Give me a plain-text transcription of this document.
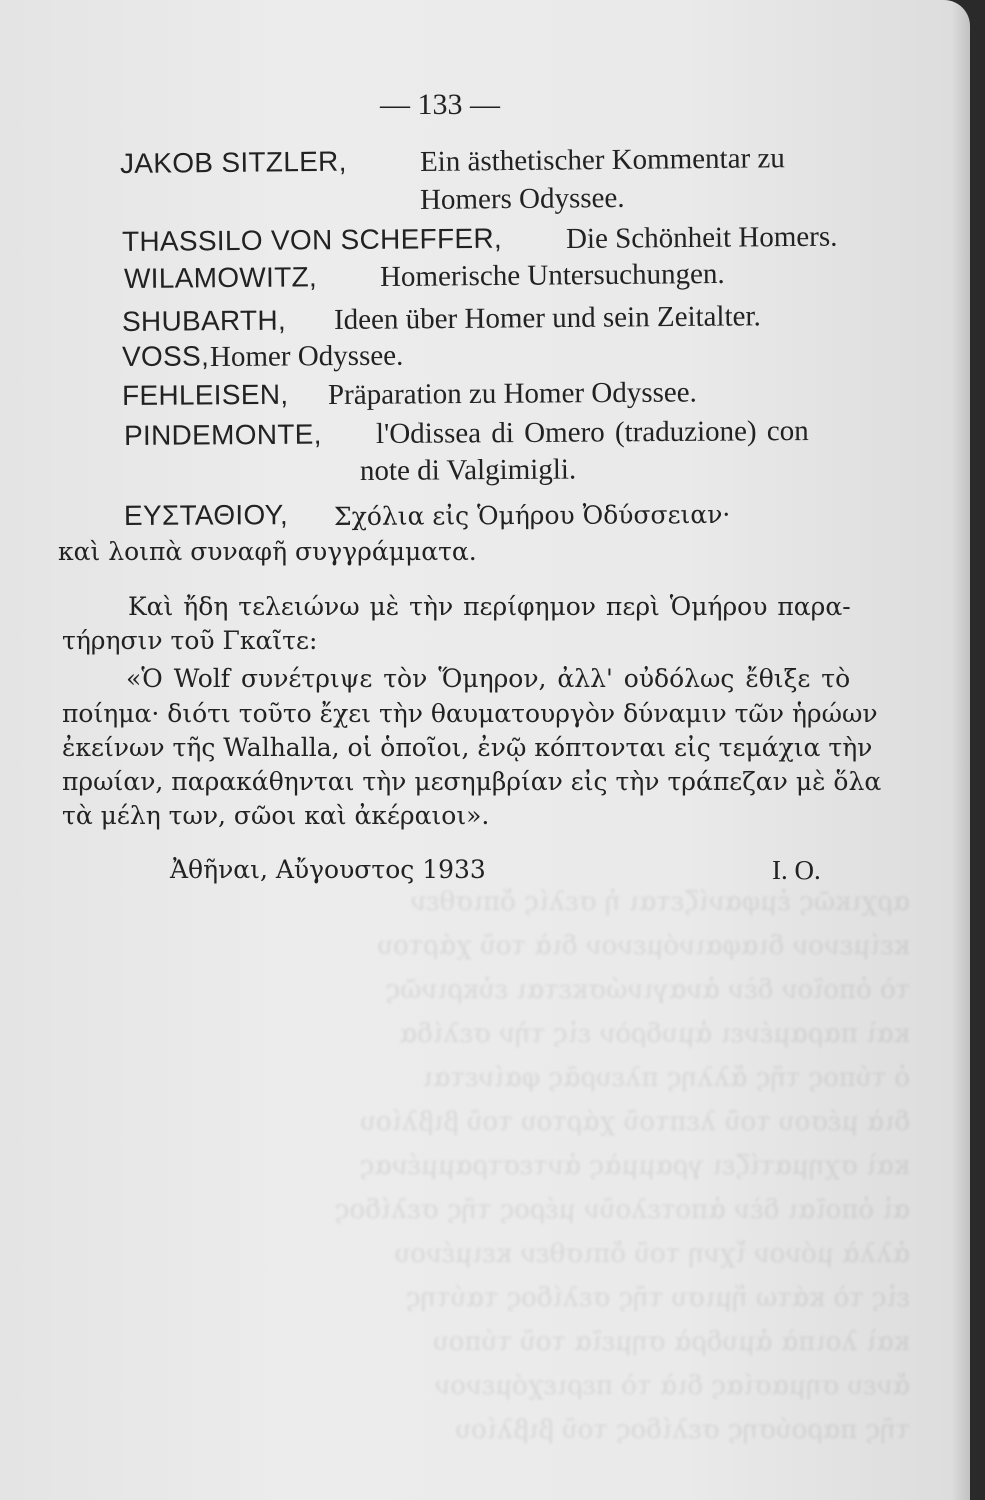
αρχικῶς ἐμφανίζεται ἡ σελίς ὄπισθεν
κείμενον διαφαινόμενον διὰ τοῦ χάρτου
τὸ ὁποῖον δὲν ἀναγινώσκεται εὐκρινῶς
καὶ παραμένει ἀμυδρὸν εἰς τὴν σελίδα
ὁ τύπος τῆς ἄλλης πλευρᾶς φαίνεται
διὰ μέσου τοῦ λεπτοῦ χάρτου τοῦ βιβλίου
καὶ σχηματίζει γραμμὰς ἀντεστραμμένας
αἱ ὁποῖαι δὲν ἀποτελοῦν μέρος τῆς σελίδος
ἀλλὰ μόνον ἴχνη τοῦ ὄπισθεν κειμένου
εἰς τὸ κάτω ἥμισυ τῆς σελίδος ταύτης
καὶ λοιπὰ ἀμυδρὰ σημεῖα τοῦ τύπου
ἄνευ σημασίας διὰ τὸ περιεχόμενον
τῆς παρούσης σελίδος τοῦ βιβλίου
— 133 —
JAKOB SITZLER,	Ein ästhetischer Kommentar zu
Homers Odyssee.
THASSILO VON SCHEFFER, Die Schönheit Homers.
WILAMOWITZ, Homerische Untersuchungen.
SHUBARTH, Ideen über Homer und sein Zeitalter.
VOSS, Homer Odyssee.
FEHLEISEN, Präparation zu Homer Odyssee.
PINDEMONTE, l'Odissea di Omero (traduzione) con
note di Valgimigli.
ΕΥΣΤΑΘΙΟΥ, Σχόλια εἰς Ὁμήρου Ὀδύσσειαν·
καὶ λοιπὰ συναφῆ συγγράμματα.
Καὶ ἤδη τελειώνω μὲ τὴν περίφημον περὶ Ὁμήρου παρα-
τήρησιν τοῦ Γκαῖτε:
«Ὁ Wolf συνέτριψε τὸν Ὅμηρον, ἀλλ' οὐδόλως ἔθιξε τὸ
ποίημα· διότι τοῦτο ἔχει τὴν θαυματουργὸν δύναμιν τῶν ἡρώων
ἐκείνων τῆς Walhalla, οἱ ὁποῖοι, ἐνῷ κόπτονται εἰς τεμάχια τὴν
πρωίαν, παρακάθηνται τὴν μεσημβρίαν εἰς τὴν τράπεζαν μὲ ὅλα
τὰ μέλη των, σῶοι καὶ ἀκέραιοι».
Ἀθῆναι, Αὔγουστος 1933	Ι. Ο.
